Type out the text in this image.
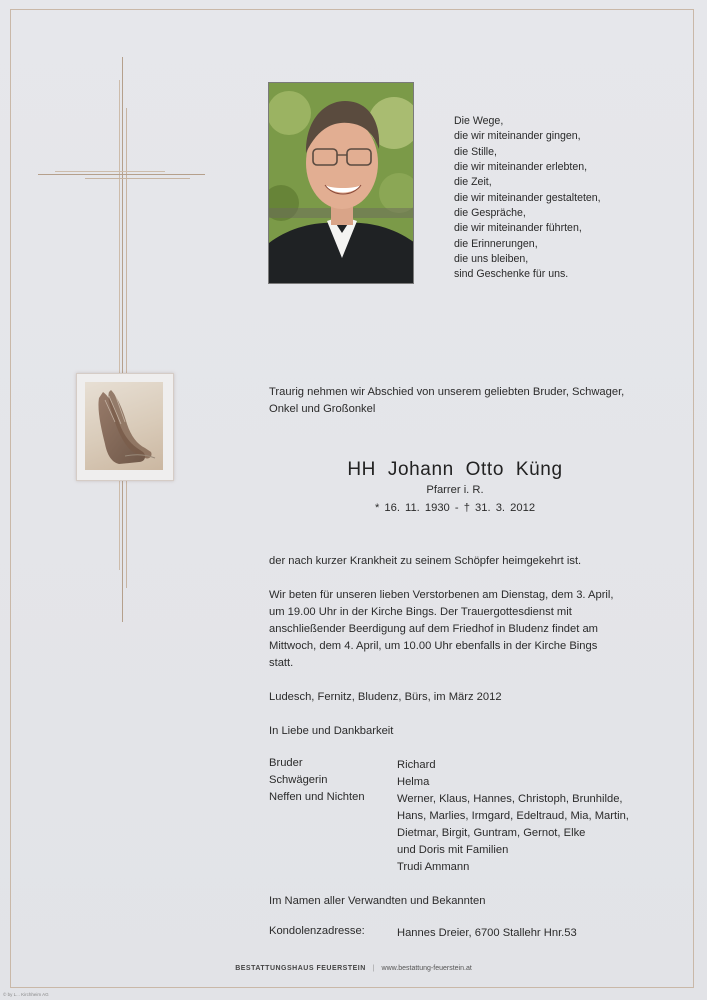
Die Wege,
die wir miteinander gingen,
die Stille,
die wir miteinander erlebten,
die Zeit,
die wir miteinander gestalteten,
die Gespräche,
die wir miteinander führten,
die Erinnerungen,
die uns bleiben,
sind Geschenke für uns.
Traurig nehmen wir Abschied von unserem geliebten Bruder, Schwager,
Onkel und Großonkel
HH Johann Otto Küng
Pfarrer i. R.
* 16. 11. 1930 - † 31. 3. 2012
der nach kurzer Krankheit zu seinem Schöpfer heimgekehrt ist.
Wir beten für unseren lieben Verstorbenen am Dienstag, dem 3. April,
um 19.00 Uhr in der Kirche Bings. Der Trauergottesdienst mit
anschließender Beerdigung auf dem Friedhof in Bludenz findet am
Mittwoch, dem 4. April, um 10.00 Uhr ebenfalls in der Kirche Bings
statt.
Ludesch, Fernitz, Bludenz, Bürs, im März 2012
In Liebe und Dankbarkeit
Bruder	Richard
Schwägerin	Helma
Neffen und Nichten	Werner, Klaus, Hannes, Christoph, Brunhilde,
Hans, Marlies, Irmgard, Edeltraud, Mia, Martin,
Dietmar, Birgit, Guntram, Gernot, Elke
und Doris mit Familien
Trudi Ammann
Im Namen aller Verwandten und Bekannten
Kondolenzadresse:	Hannes Dreier, 6700 Stallehr Hnr.53
BESTATTUNGSHAUS FEUERSTEIN | www.bestattung-feuerstein.at
© by L... Kirchheim AG
